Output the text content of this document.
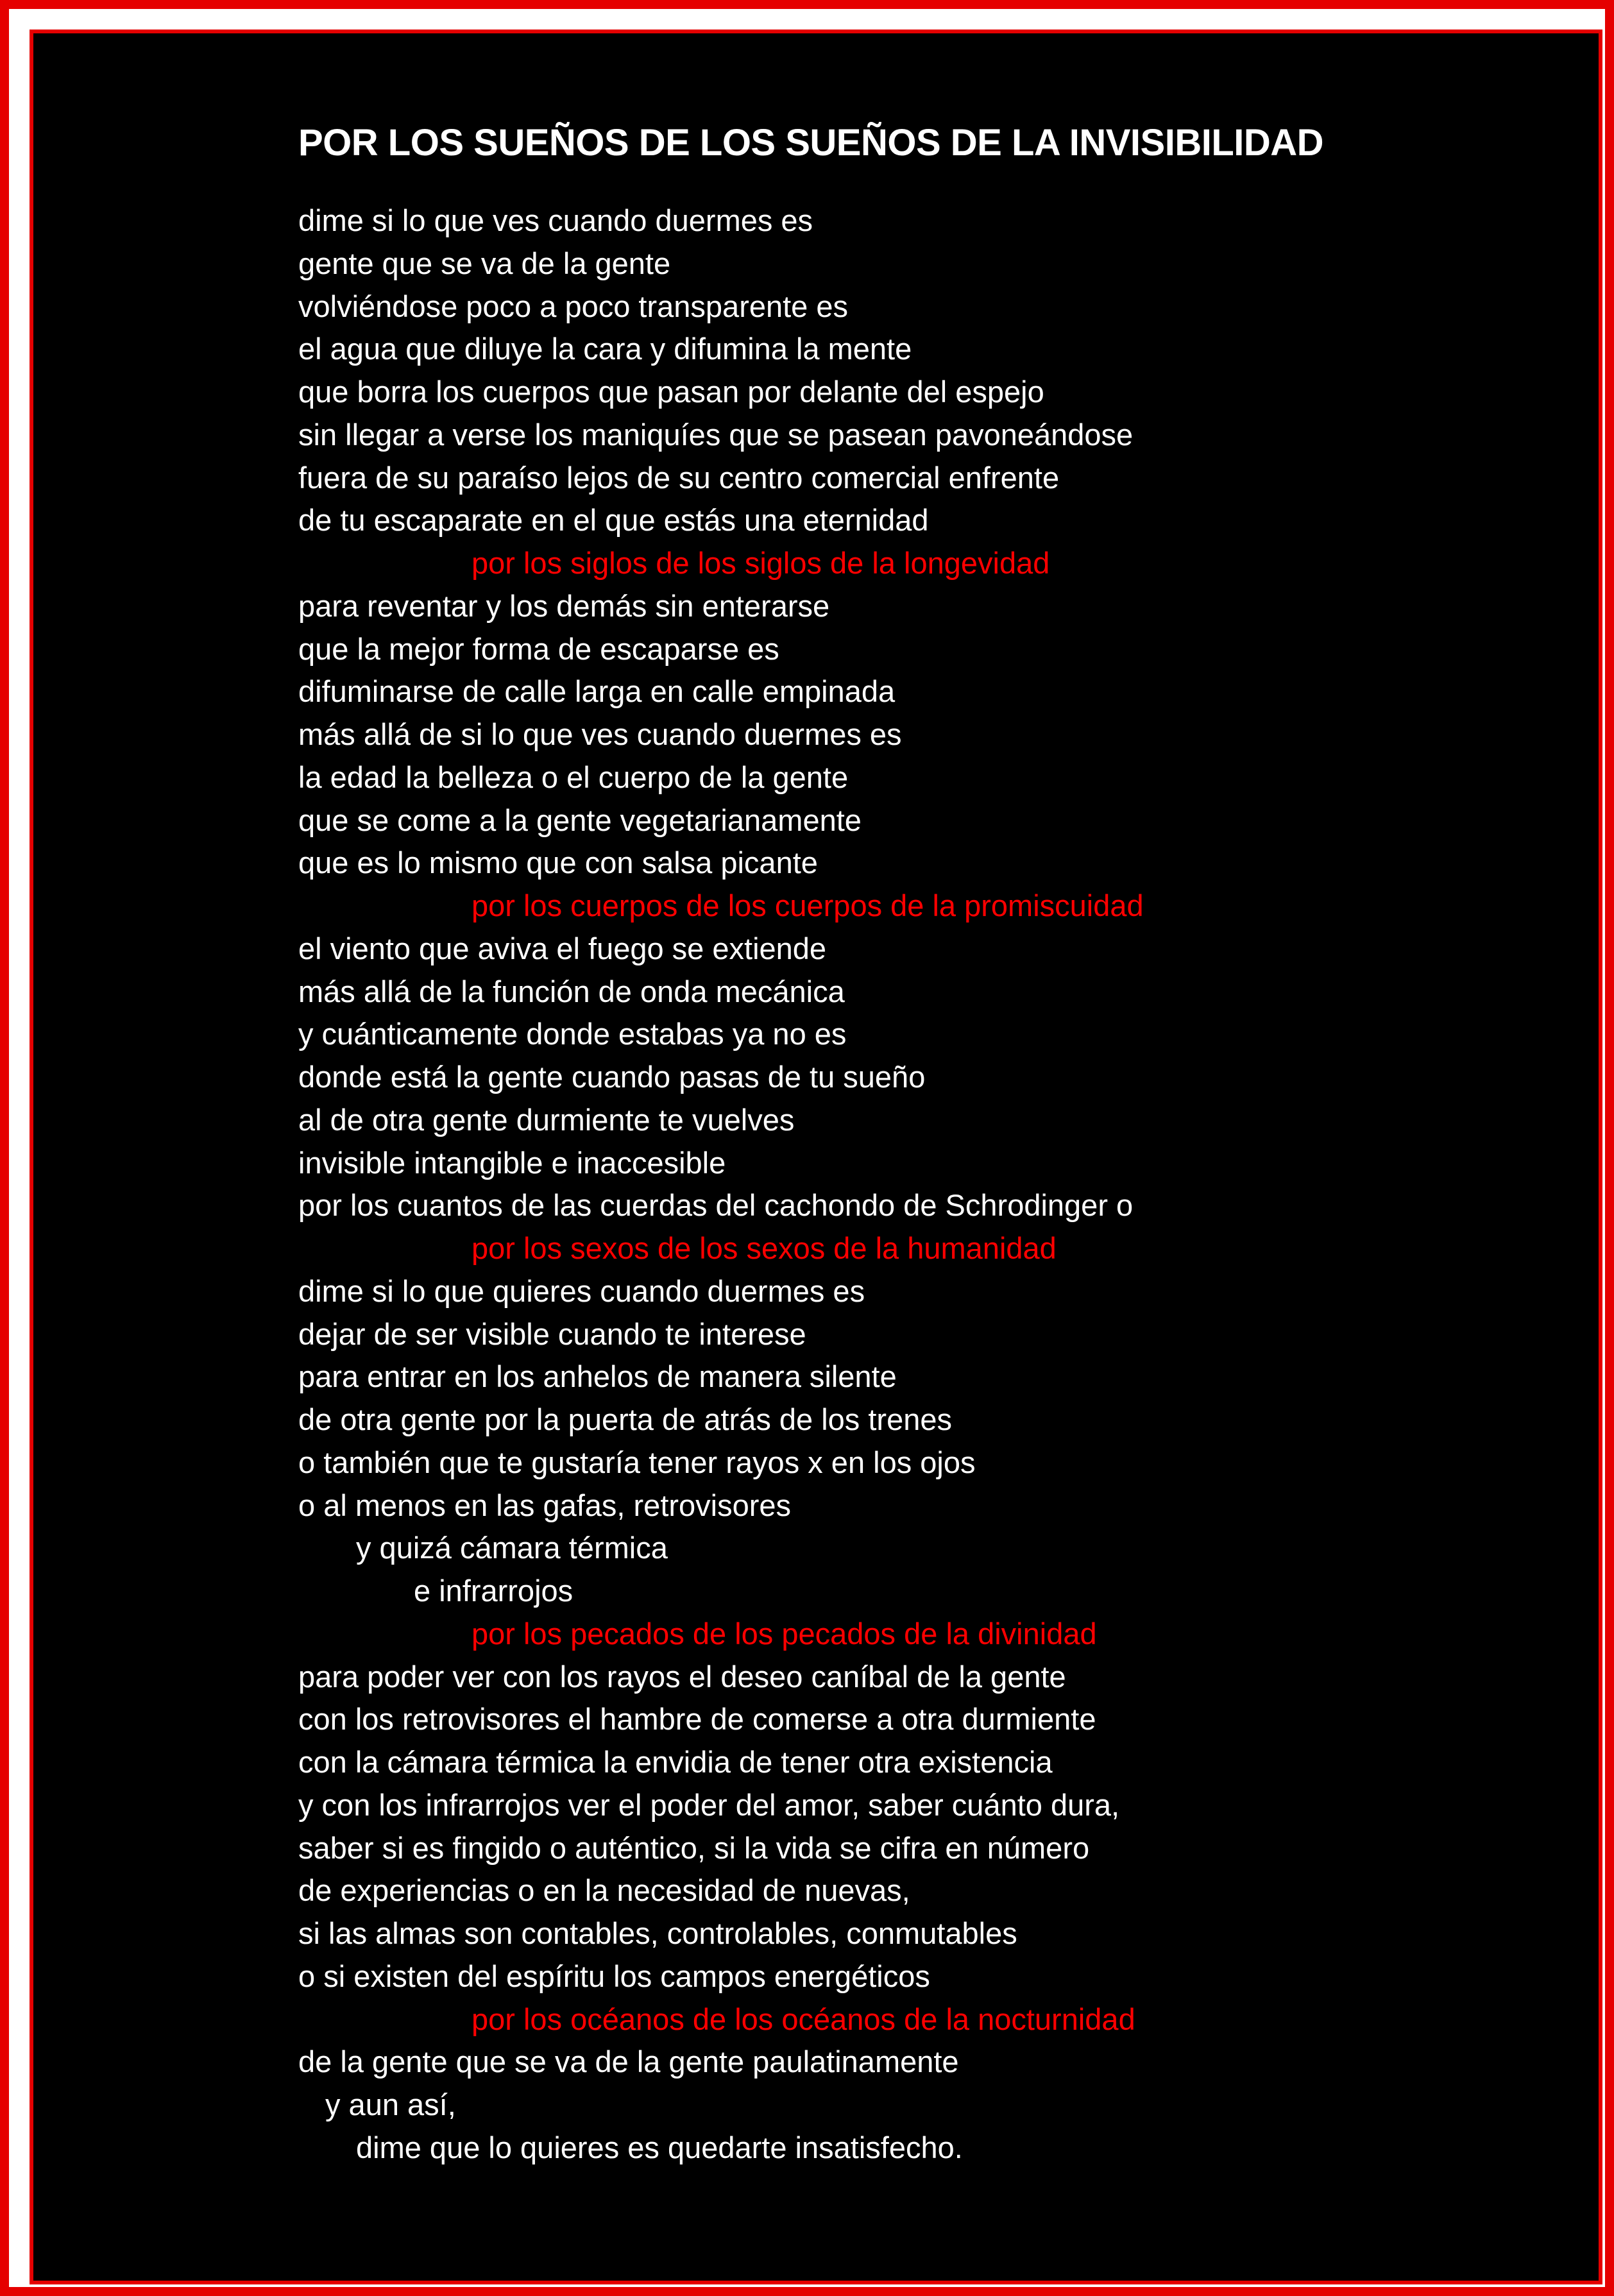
POR LOS SUEÑOS DE LOS SUEÑOS DE LA INVISIBILIDAD
dime si lo que ves cuando duermes es
gente que se va de la gente
volviéndose poco a poco transparente es
el agua que diluye la cara y difumina la mente
que borra los cuerpos que pasan por delante del espejo
sin llegar a verse los maniquíes que se pasean pavoneándose
fuera de su paraíso lejos de su centro comercial enfrente
de tu escaparate en el que estás una eternidad
por los siglos de los siglos de la longevidad
para reventar y los demás sin enterarse
que la mejor forma de escaparse es
difuminarse de calle larga en calle empinada
más allá de si lo que ves cuando duermes es
la edad la belleza o el cuerpo de la gente
que se come a la gente vegetarianamente
que es lo mismo que con salsa picante
por los cuerpos de los cuerpos de la promiscuidad
el viento que aviva el fuego se extiende
más allá de la función de onda mecánica
y cuánticamente donde estabas ya no es
donde está la gente cuando pasas de tu sueño
al de otra gente durmiente te vuelves
invisible intangible e inaccesible
por los cuantos de las cuerdas del cachondo de Schrodinger o
por los sexos de los sexos de la humanidad
dime si lo que quieres cuando duermes es
dejar de ser visible cuando te interese
para entrar en los anhelos de manera silente
de otra gente por la puerta de atrás de los trenes
o también que te gustaría tener rayos x en los ojos
o al menos en las gafas, retrovisores
y quizá cámara térmica
e infrarrojos
por los pecados de los pecados de la divinidad
para poder ver con los rayos el deseo caníbal de la gente
con los retrovisores el hambre de comerse a otra durmiente
con la cámara térmica la envidia de tener otra existencia
y con los infrarrojos ver el poder del amor, saber cuánto dura,
saber si es fingido o auténtico, si la vida se cifra en número
de experiencias o en la necesidad de nuevas,
si las almas son contables, controlables, conmutables
o si existen del espíritu los campos energéticos
por los océanos de los océanos de la nocturnidad
de la gente que se va de la gente paulatinamente
y aun así,
dime que lo quieres es quedarte insatisfecho.
